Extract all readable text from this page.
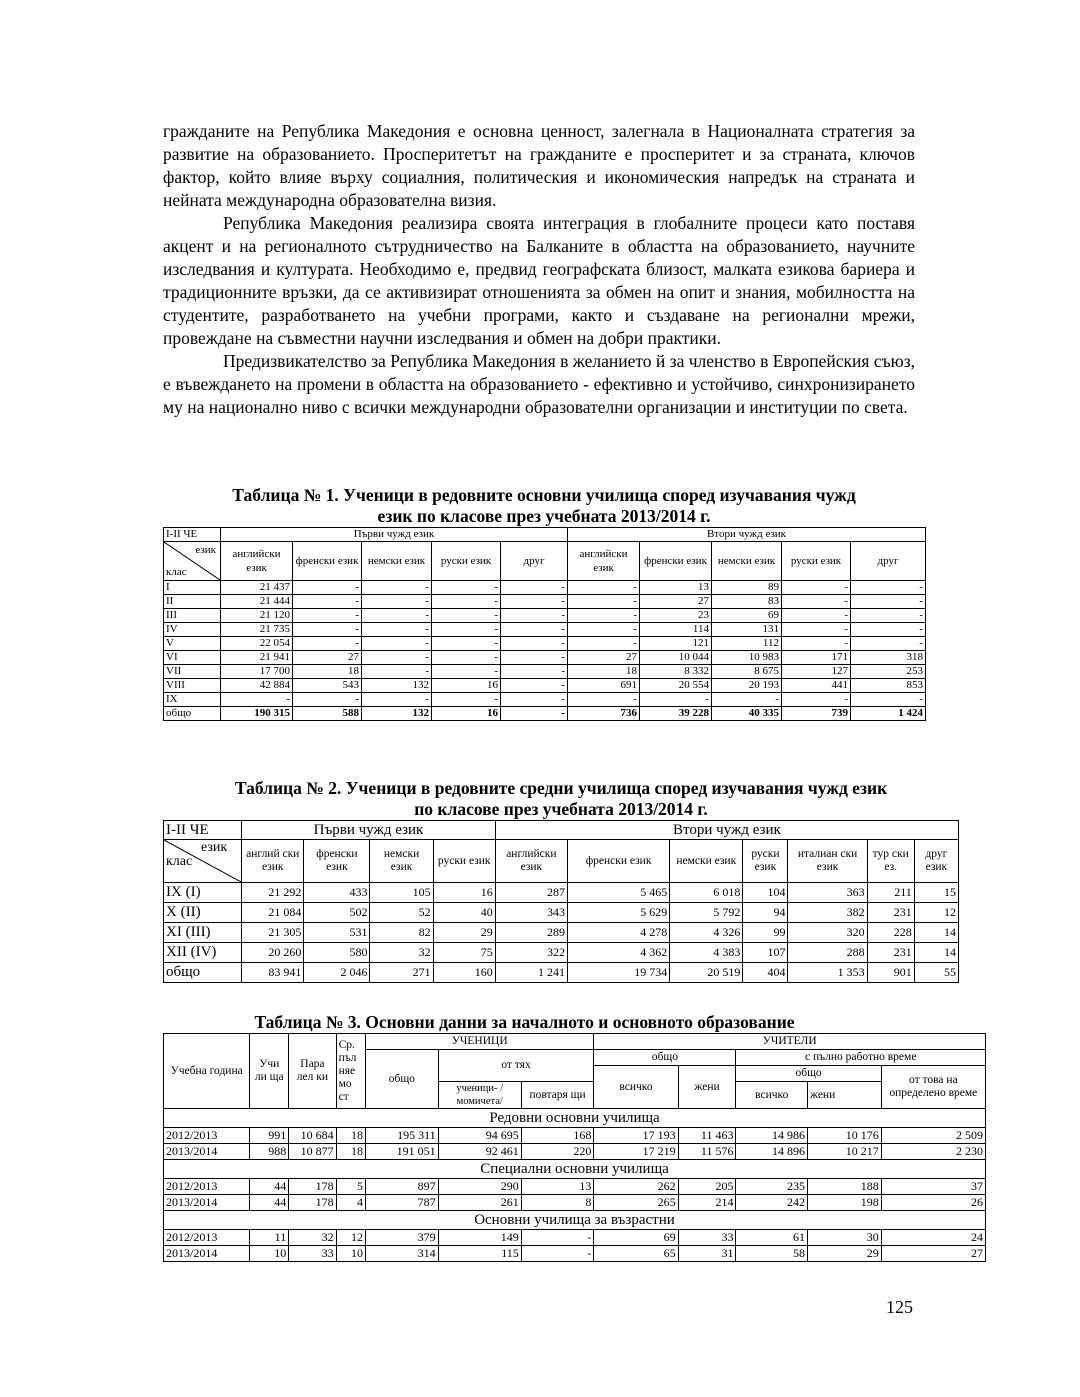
гражданите на Република Македония е основна ценност, залегнала в Националната стратегия за развитие на образованието. Просперитетът на гражданите е просперитет и за страната, ключов фактор, който влияе върху социалния, политическия и икономическия напредък на страната и нейната международна образователна визия.

Република Македония реализира своята интеграция в глобалните процеси като поставя акцент и на регионалното сътрудничество на Балканите в областта на образованието, научните изследвания и културата. Необходимо е, предвид географската близост, малката езикова бариера и традиционните връзки, да се активизират отношенията за обмен на опит и знания, мобилността на студентите, разработването на учебни програми, както и създаване на регионални мрежи, провеждане на съвместни научни изследвания и обмен на добри практики.

Предизвикателство за Република Македония в желанието й за членство в Европейския съюз, е въвеждането на промени в областта на образованието - ефективно и устойчиво, синхронизирането му на национално ниво с всички международни образователни организации и институции по света.

Таблица № 1. Ученици в редовните основни училища според изучавания чужд

език по класове през учебната 2013/2014 г.

I-II ЧЕ	Първи чужд език					Втори чужд език				

език
клас	английски език	френски език	немски език	руски език	друг	английски език	френски език	немски език	руски език	друг
I	21 437	-	-	-	-	-	13	89	-	-
II	21 444	-	-	-	-	-	27	83	-	-
III	21 120	-	-	-	-	-	23	69	-	-
IV	21 735	-	-	-	-	-	114	131	-	-
V	22 054	-	-	-	-	-	121	112	-	-
VI	21 941	27	-	-	-	27	10 044	10 983	171	318
VII	17 700	18	-	-	-	18	8 332	8 675	127	253
VIII	42 884	543	132	16	-	691	20 554	20 193	441	853
IX	-	-	-	-	-	-	-	-	-	-
общо	190 315	588	132	16	-	736	39 228	40 335	739	1 424

Таблица № 2. Ученици в редовните средни училища според изучавания чужд език

по класове през учебната 2013/2014 г.

I-II ЧЕ	Първи чужд език				Втори чужд език						

език
клас	англий ски език	френски език	немски език	руски език	английски език	френски език	немски език	руски език	италиан ски език	тур ски ез.	друг език
IX (I)	21 292	433	105	16	287	5 465	6 018	104	363	211	15
X (II)	21 084	502	52	40	343	5 629	5 792	94	382	231	12
XI (III)	21 305	531	82	29	289	4 278	4 326	99	320	228	14
XII (IV)	20 260	580	32	75	322	4 362	4 383	107	288	231	14
общо	83 941	2 046	271	160	1 241	19 734	20 519	404	1 353	901	55

Таблица № 3. Основни данни за началното и основното образование

Учебна година	Учи ли ща	Пара лел ки	Ср. пъл няе мо ст	УЧЕНИЦИ			УЧИТЕЛИ				
				общо	от тях		общо		с пълно работно време		
							всичко	жени	общо		от това на определено време
					ученици- /момичета/	повтаря щи			всичко	жени	
Редовни основни училища											
2012/2013	991	10 684	18	195 311	94 695	168	17 193	11 463	14 986	10 176	2 509
2013/2014	988	10 877	18	191 051	92 461	220	17 219	11 576	14 896	10 217	2 230
Специални основни училища											
2012/2013	44	178	5	897	290	13	262	205	235	188	37
2013/2014	44	178	4	787	261	8	265	214	242	198	26
Основни училища за възрастни											
2012/2013	11	32	12	379	149	-	69	33	61	30	24
2013/2014	10	33	10	314	115	-	65	31	58	29	27
125
